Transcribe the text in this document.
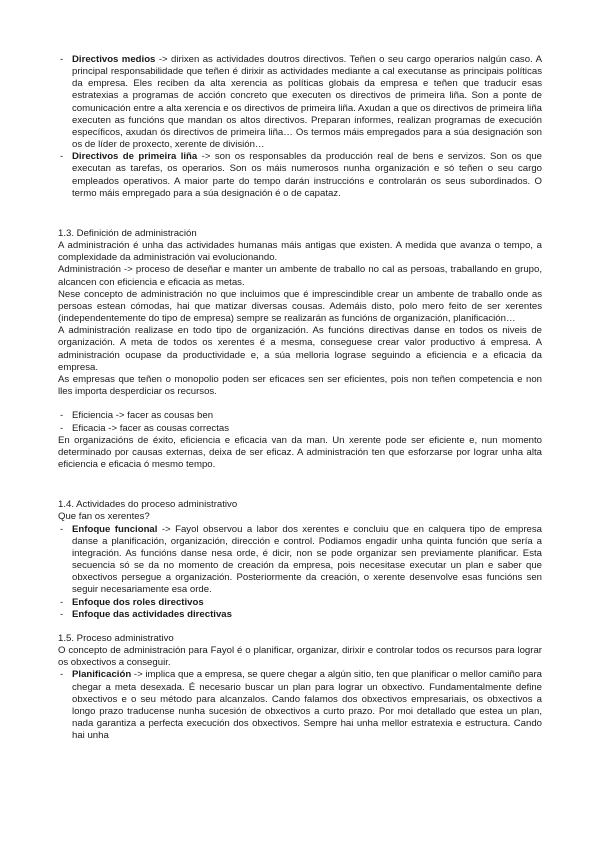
- Directivos medios -> dirixen as actividades doutros directivos. Teñen o seu cargo operarios nalgún caso. A principal responsabilidade que teñen é dirixir as actividades mediante a cal executanse as principais políticas da empresa. Eles reciben da alta xerencia as políticas globais da empresa e teñen que traducir esas estratexias a programas de acción concreto que executen os directivos de primeira liña. Son a ponte de comunicación entre a alta xerencia e os directivos de primeira liña. Axudan a que os directivos de primeira liña executen as funcións que mandan os altos directivos. Preparan informes, realizan programas de execución específicos, axudan ós directivos de primeira liña… Os termos máis empregados para a súa designación son os de líder de proxecto, xerente de división…
- Directivos de primeira liña -> son os responsables da producción real de bens e servizos. Son os que executan as tarefas, os operarios. Son os máis numerosos nunha organización e só teñen o seu cargo empleados operativos. A maior parte do tempo darán instruccións e controlarán os seus subordinados. O termo máis empregado para a súa designación é o de capataz.

1.3. Definición de administración

A administración é unha das actividades humanas máis antigas que existen. A medida que avanza o tempo, a complexidade da administración vai evolucionando.

Administración -> proceso de deseñar e manter un ambente de traballo no cal as persoas, traballando en grupo, alcancen con eficiencia e eficacia as metas.

Nese concepto de administración no que incluimos que é imprescindible crear un ambente de traballo onde as persoas estean cómodas, hai que matizar diversas cousas. Ademáis disto, polo mero feito de ser xerentes (independentemente do tipo de empresa) sempre se realizarán as funcións de organización, planificación…

A administración realizase en todo tipo de organización. As funcións directivas danse en todos os niveis de organización. A meta de todos os xerentes é a mesma, conseguese crear valor productivo á empresa. A administración ocupase da productividade e, a súa melloria lograse seguindo a eficiencia e a eficacia da empresa.

As empresas que teñen o monopolio poden ser eficaces sen ser eficientes, pois non teñen competencia e non lles importa desperdiciar os recursos.

- Eficiencia -> facer as cousas ben
- Eficacia -> facer as cousas correctas

En organizacións de éxito, eficiencia e eficacia van da man. Un xerente pode ser eficiente e, nun momento determinado por causas externas, deixa de ser eficaz. A administración ten que esforzarse por lograr unha alta eficiencia e eficacia ó mesmo tempo.

1.4. Actividades do proceso administrativo

Que fan os xerentes?

- Enfoque funcional -> Fayol observou a labor dos xerentes e concluiu que en calquera tipo de empresa danse a planificación, organización, dirección e control. Podiamos engadir unha quinta función que sería a integración. As funcións danse nesa orde, é dicir, non se pode organizar sen previamente planificar. Esta secuencia só se da no momento de creación da empresa, pois necesitase executar un plan e saber que obxectivos persegue a organización. Posteriormente da creación, o xerente desenvolve esas funcións sen seguir necesariamente esa orde.
- Enfoque dos roles directivos
- Enfoque das actividades directivas

1.5. Proceso administrativo

O concepto de administración para Fayol é o planificar, organizar, dirixir e controlar todos os recursos para lograr os obxectivos a conseguir.

- Planificación -> implica que a empresa, se quere chegar a algún sitio, ten que planificar o mellor camiño para chegar a meta desexada. É necesario buscar un plan para lograr un obxectivo. Fundamentalmente define obxectivos e o seu método para alcanzalos. Cando falamos dos obxectivos empresariais, os obxectivos a longo prazo traducense nunha sucesión de obxectivos a curto prazo. Por moi detallado que estea un plan, nada garantiza a perfecta execución dos obxectivos. Sempre hai unha mellor estratexia e estructura. Cando hai unha
